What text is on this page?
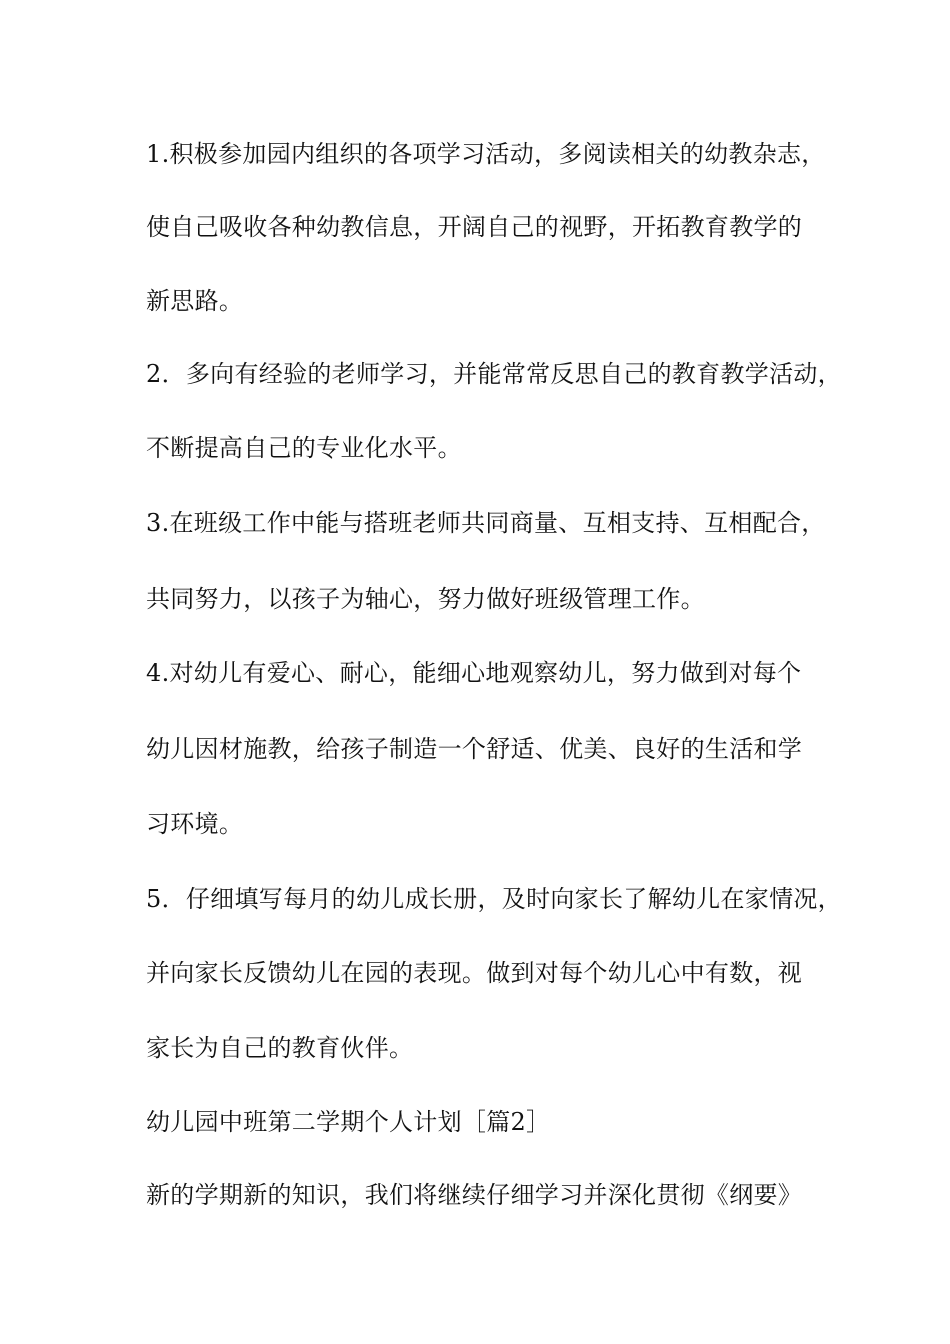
1.积极参加园内组织的各项学习活动，多阅读相关的幼教杂志，
使自己吸收各种幼教信息，开阔自己的视野，开拓教育教学的
新思路。
2．多向有经验的老师学习，并能常常反思自己的教育教学活动，
不断提高自己的专业化水平。
3.在班级工作中能与搭班老师共同商量、互相支持、互相配合，
共同努力，以孩子为轴心，努力做好班级管理工作。
4.对幼儿有爱心、耐心，能细心地观察幼儿，努力做到对每个
幼儿因材施教，给孩子制造一个舒适、优美、良好的生活和学
习环境。
5．仔细填写每月的幼儿成长册，及时向家长了解幼儿在家情况，
并向家长反馈幼儿在园的表现。做到对每个幼儿心中有数，视
家长为自己的教育伙伴。
幼儿园中班第二学期个人计划［篇2］
新的学期新的知识，我们将继续仔细学习并深化贯彻《纲要》
